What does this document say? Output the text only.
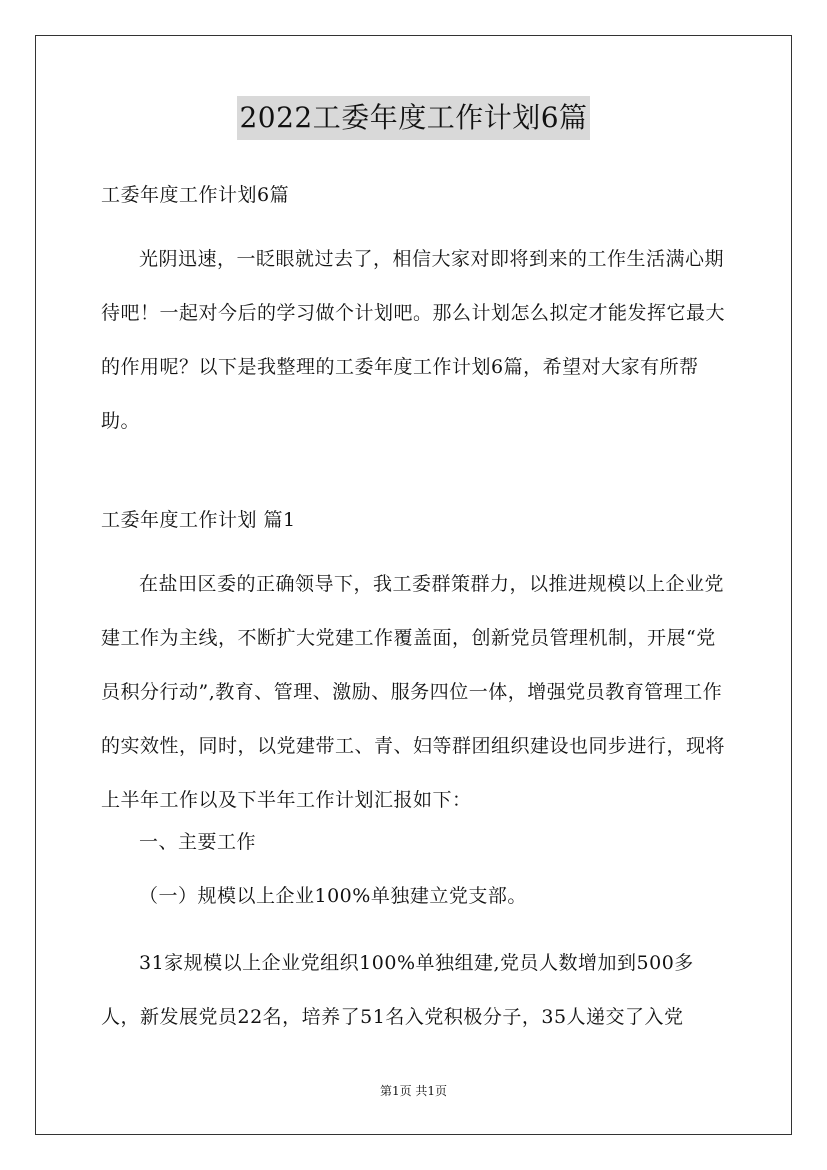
2022工委年度工作计划6篇

工委年度工作计划6篇

光阴迅速，一眨眼就过去了，相信大家对即将到来的工作生活满心期待吧！一起对今后的学习做个计划吧。那么计划怎么拟定才能发挥它最大的作用呢？以下是我整理的工委年度工作计划6篇，希望对大家有所帮助。

工委年度工作计划 篇1

在盐田区委的正确领导下，我工委群策群力，以推进规模以上企业党建工作为主线，不断扩大党建工作覆盖面，创新党员管理机制，开展“党员积分行动”,教育、管理、激励、服务四位一体，增强党员教育管理工作的实效性，同时，以党建带工、青、妇等群团组织建设也同步进行，现将上半年工作以及下半年工作计划汇报如下：

一、主要工作

（一）规模以上企业100%单独建立党支部。

31家规模以上企业党组织100%单独组建,党员人数增加到500多人，新发展党员22名，培养了51名入党积极分子，35人递交了入党

第1页 共1页
